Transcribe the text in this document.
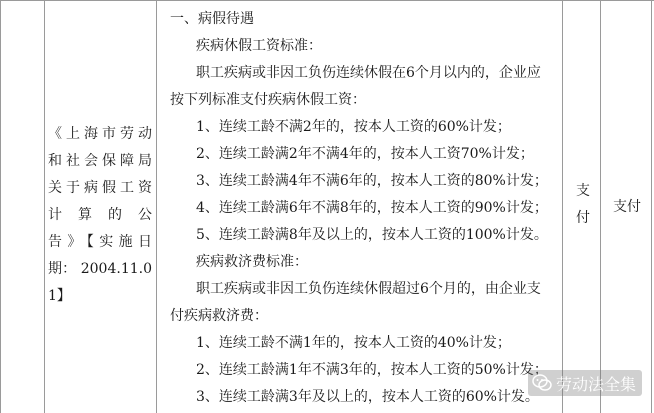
《上海市劳动
和社会保障局
关于病假工资
计算的公
告》【实施日
期： 2004.11.0
1】
一、病假待遇
疾病休假工资标准：
职工疾病或非因工负伤连续休假在6个月以内的，企业应
按下列标准支付疾病休假工资：
1、连续工龄不满2年的，按本人工资的60%计发；
2、连续工龄满2年不满4年的，按本人工资70%计发；
3、连续工龄满4年不满6年的，按本人工资的80%计发；
4、连续工龄满6年不满8年的，按本人工资的90%计发；
5、连续工龄满8年及以上的，按本人工资的100%计发。
疾病救济费标准：
职工疾病或非因工负伤连续休假超过6个月的，由企业支
付疾病救济费：
1、连续工龄不满1年的，按本人工资的40%计发；
2、连续工龄满1年不满3年的，按本人工资的50%计发；
3、连续工龄满3年及以上的，按本人工资的60%计发。
支
付
支付
劳动法全集
